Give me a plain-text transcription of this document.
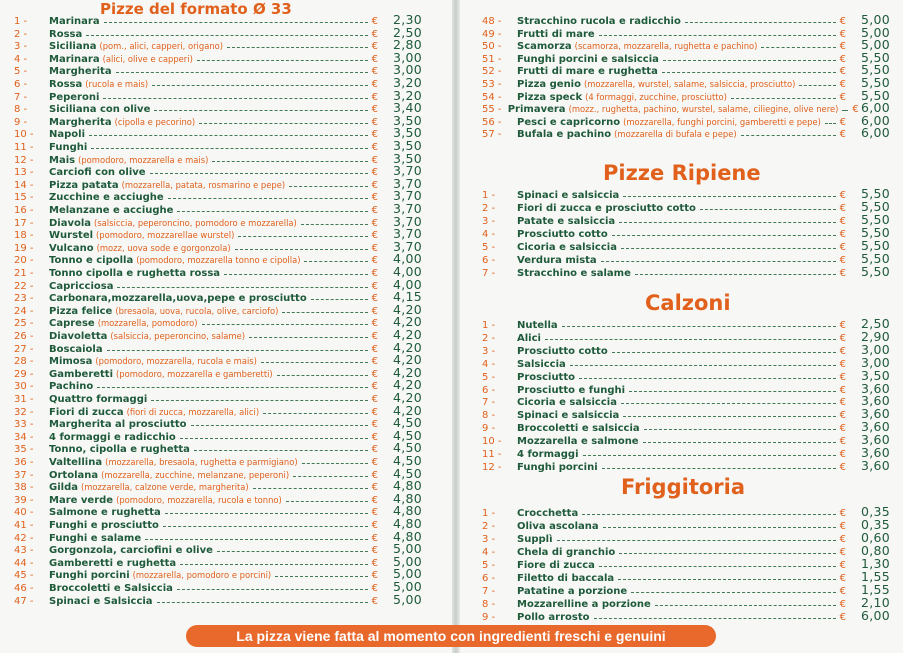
Pizze del formato Ø 33
1 -	Marinara	€	2,30
2 -	Rossa	€	2,50
3 -	Siciliana (pom., alici, capperi, origano)	€	2,80
4 -	Marinara (alici, olive e capperi)	€	3,00
5 -	Margherita	€	3,00
6 -	Rossa (rucola e mais)	€	3,20
7 -	Peperoni	€	3,20
8 -	Siciliana con olive	€	3,40
9 -	Margherita (cipolla e pecorino)	€	3,50
10 -	Napoli	€	3,50
11 -	Funghi	€	3,50
12 -	Mais (pomodoro, mozzarella e mais)	€	3,50
13 -	Carciofi con olive	€	3,70
14 -	Pizza patata (mozzarella, patata, rosmarino e pepe)	€	3,70
15 -	Zucchine e acciughe	€	3,70
16 -	Melanzane e acciughe	€	3,70
17 -	Diavola (salsiccia, peperoncino, pomodoro e mozzarella)	€	3,70
18 -	Wurstel (pomodoro, mozzarellae wurstel)	€	3,70
19 -	Vulcano (mozz, uova sode e gorgonzola)	€	3,70
20 -	Tonno e cipolla (pomodoro, mozzarella tonno e cipolla)	€	4,00
21 -	Tonno cipolla e rughetta rossa	€	4,00
22 -	Capricciosa	€	4,00
23 -	Carbonara,mozzarella,uova,pepe e prosciutto	€	4,15
24 -	Pizza felice (bresaola, uova, rucola, olive, carciofo)	€	4,20
25 -	Caprese (mozzarella, pomodoro)	€	4,20
26 -	Diavoletta (salsiccia, peperoncino, salame)	€	4,20
27 -	Boscaiola	€	4,20
28 -	Mimosa (pomodoro, mozzarella, rucola e mais)	€	4,20
29 -	Gamberetti (pomodoro, mozzarella e gamberetti)	€	4,20
30 -	Pachino	€	4,20
31 -	Quattro formaggi	€	4,20
32 -	Fiori di zucca (fiori di zucca, mozzarella, alici)	€	4,20
33 -	Margherita al prosciutto	€	4,50
34 -	4 formaggi e radicchio	€	4,50
35 -	Tonno, cipolla e rughetta	€	4,50
36 -	Valtellina (mozzarella, bresaola, rughetta e parmigiano)	€	4,50
37 -	Ortolana (mozzarella, zucchine, melanzane, peperoni)	€	4,50
38 -	Gilda (mozzarella, calzone verde, margherita)	€	4,80
39 -	Mare verde (pomodoro, mozzarella, rucola e tonno)	€	4,80
40 -	Salmone e rughetta	€	4,80
41 -	Funghi e prosciutto	€	4,80
42 -	Funghi e salame	€	4,80
43 -	Gorgonzola, carciofini e olive	€	5,00
44 -	Gamberetti e rughetta	€	5,00
45 -	Funghi porcini (mozzarella, pomodoro e porcini)	€	5,00
46 -	Broccoletti e Salsiccia	€	5,00
47 -	Spinaci e Salsiccia	€	5,00
48 -	Stracchino rucola e radicchio	€	5,00
49 -	Frutti di mare	€	5,00
50 -	Scamorza (scamorza, mozzarella, rughetta e pachino)	€	5,00
51 -	Funghi porcini e salsiccia	€	5,50
52 -	Frutti di mare e rughetta	€	5,50
53 -	Pizza genio (mozzarella, wurstel, salame, salsiccia, prosciutto)	€	5,50
54 -	Pizza speck (4 formaggi, zucchine, prosciutto)	€	5,50
55 - Primavera (mozz., rughetta, pachino, wurstel, salame, ciliegine, olive nere) € 6,00
56 -	Pesci e capricorno (mozzarella, funghi porcini, gamberetti e pepe) €	6,00
57 -	Bufala e pachino (mozzarella di bufala e pepe)	€	6,00
Pizze Ripiene
1 -	Spinaci e salsiccia	€	5,50
2 -	Fiori di zucca e prosciutto cotto	€	5,50
3 -	Patate e salsiccia	€	5,50
4 -	Prosciutto cotto	€	5,50
5 -	Cicoria e salsiccia	€	5,50
6 -	Verdura mista	€	5,50
7 -	Stracchino e salame	€	5,50
Calzoni
1 -	Nutella	€	2,50
2 -	Alici	€	2,90
3 -	Prosciutto cotto	€	3,00
4 -	Salsiccia	€	3,00
5 -	Prosciutto	€	3,50
6 -	Prosciutto e funghi	€	3,60
7 -	Cicoria e salsiccia	€	3,60
8 -	Spinaci e salsiccia	€	3,60
9 -	Broccoletti e salsiccia	€	3,60
10 -	Mozzarella e salmone	€	3,60
11 -	4 formaggi	€	3,60
12 -	Funghi porcini	€	3,60
Friggitoria
1 -	Crocchetta	€	0,35
2 -	Oliva ascolana	€	0,35
3 -	Supplì	€	0,60
4 -	Chela di granchio	€	0,80
5 -	Fiore di zucca	€	1,30
6 -	Filetto di baccala	€	1,55
7 -	Patatine a porzione	€	1,55
8 -	Mozzarelline a porzione	€	2,10
9 -	Pollo arrosto	€	6,00
La pizza viene fatta al momento con ingredienti freschi e genuini
